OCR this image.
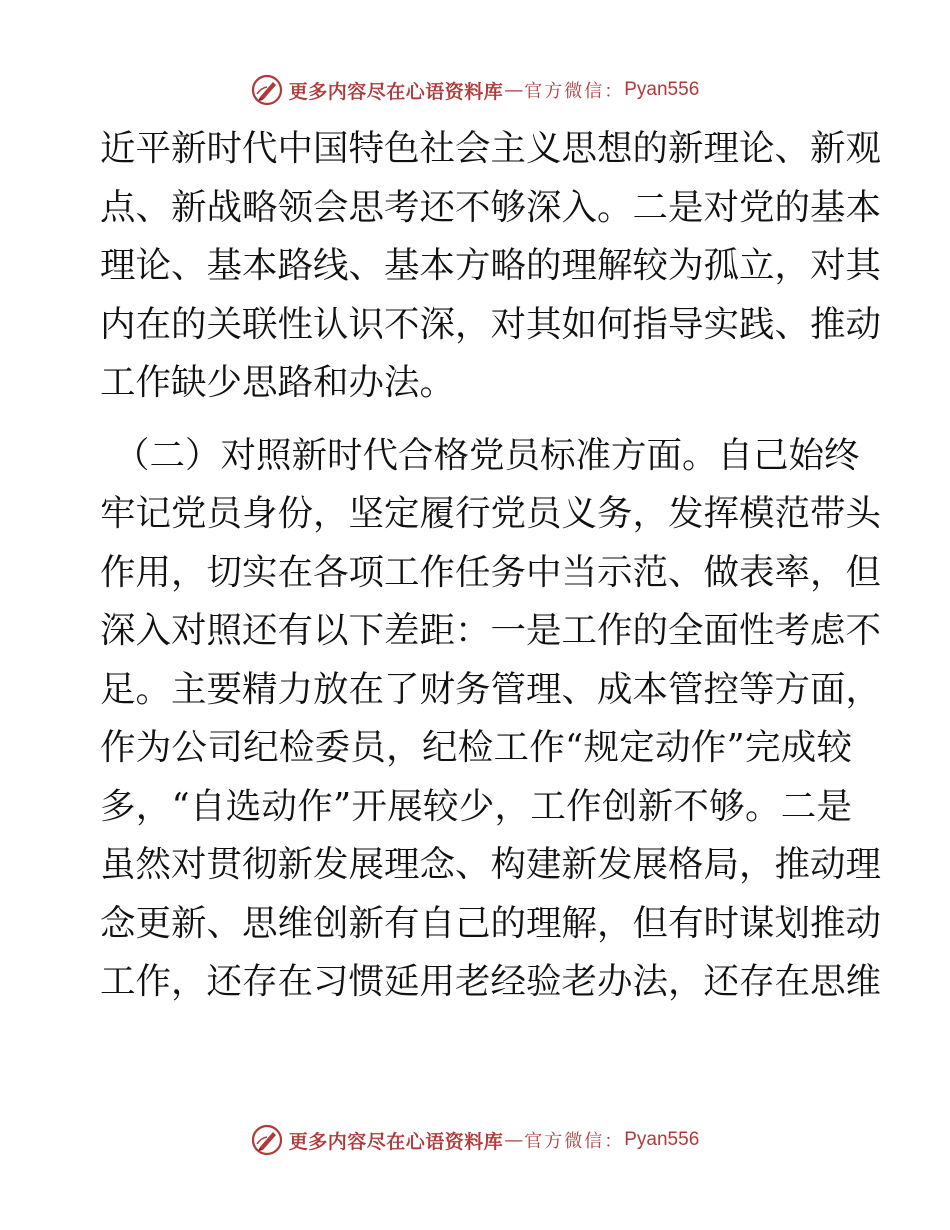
更多内容尽在心语资料库 — 官方微信： Pyan556
近平新时代中国特色社会主义思想的新理论、新观
点、新战略领会思考还不够深入。二是对党的基本
理论、基本路线、基本方略的理解较为孤立，对其
内在的关联性认识不深，对其如何指导实践、推动
工作缺少思路和办法。
（二）对照新时代合格党员标准方面。自己始终
牢记党员身份，坚定履行党员义务，发挥模范带头
作用，切实在各项工作任务中当示范、做表率，但
深入对照还有以下差距：一是工作的全面性考虑不
足。主要精力放在了财务管理、成本管控等方面，
作为公司纪检委员，纪检工作“规定动作”完成较
多，“自选动作”开展较少，工作创新不够。二是
虽然对贯彻新发展理念、构建新发展格局，推动理
念更新、思维创新有自己的理解，但有时谋划推动
工作，还存在习惯延用老经验老办法，还存在思维
更多内容尽在心语资料库 — 官方微信： Pyan556
